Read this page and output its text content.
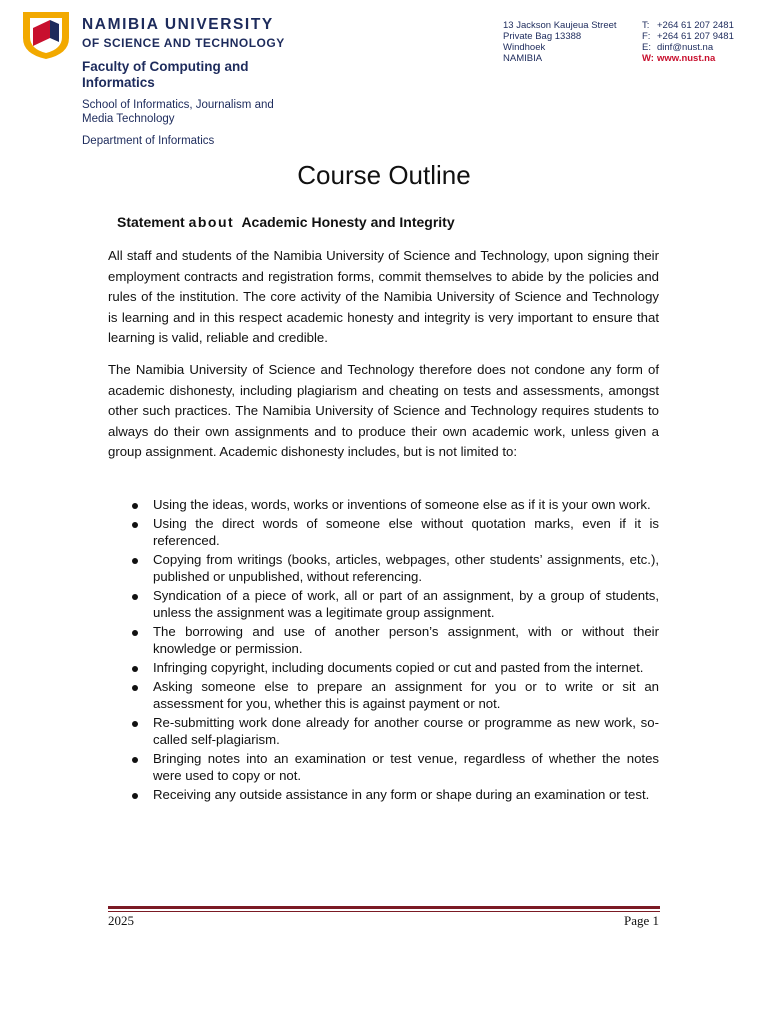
NAMIBIA UNIVERSITY
OF SCIENCE AND TECHNOLOGY
Faculty of Computing and Informatics
School of Informatics, Journalism and Media Technology
Department of Informatics
13 Jackson Kaujeua Street
Private Bag 13388
Windhoek
NAMIBIA
T: +264 61 207 2481
F: +264 61 207 9481
E: dinf@nust.na
W: www.nust.na
Course Outline
Statement about  Academic Honesty and Integrity

All staff and students of the Namibia University of Science and Technology, upon signing their employment contracts and registration forms, commit themselves to abide by the policies and rules of the institution. The core activity of the Namibia University of Science and Technology is learning and in this respect academic honesty and integrity is very important to ensure that learning is valid, reliable and credible.

The Namibia University of Science and Technology therefore does not condone any form of academic dishonesty, including plagiarism and cheating on tests and assessments, amongst other such practices. The Namibia University of Science and Technology requires students to always do their own assignments and to produce their own academic work, unless given a group assignment. Academic dishonesty includes, but is not limited to:

Using the ideas, words, works or inventions of someone else as if it is your own work.
Using the direct words of someone else without quotation marks, even if it is referenced.
Copying from writings (books, articles, webpages, other students’ assignments, etc.), published or unpublished, without referencing.
Syndication of a piece of work, all or part of an assignment, by a group of students, unless the assignment was a legitimate group assignment.
The borrowing and use of another person’s assignment, with or without their knowledge or permission.
Infringing copyright, including documents copied or cut and pasted from the internet.
Asking someone else to prepare an assignment for you or to write or sit an assessment for you, whether this is against payment or not.
Re-submitting work done already for another course or programme as new work, so-called self-plagiarism.
Bringing notes into an examination or test venue, regardless of whether the notes were used to copy or not.
Receiving any outside assistance in any form or shape during an examination or test.
2025	Page 1
